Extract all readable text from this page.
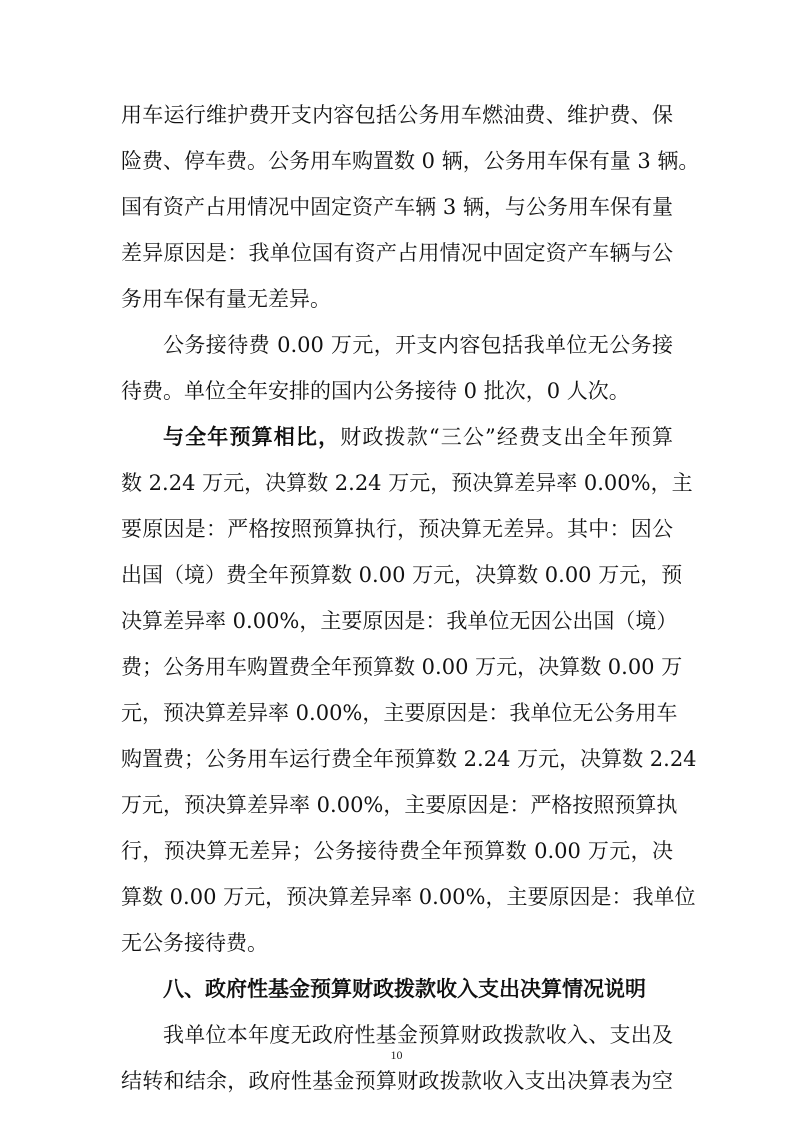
用车运行维护费开支内容包括公务用车燃油费、维护费、保
险费、停车费。公务用车购置数 0 辆，公务用车保有量 3 辆。
国有资产占用情况中固定资产车辆 3 辆，与公务用车保有量
差异原因是：我单位国有资产占用情况中固定资产车辆与公
务用车保有量无差异。
公务接待费 0.00 万元，开支内容包括我单位无公务接
待费。单位全年安排的国内公务接待 0 批次，0 人次。
与全年预算相比，财政拨款“三公”经费支出全年预算
数 2.24 万元，决算数 2.24 万元，预决算差异率 0.00%，主
要原因是：严格按照预算执行，预决算无差异。其中：因公
出国（境）费全年预算数 0.00 万元，决算数 0.00 万元，预
决算差异率 0.00%，主要原因是：我单位无因公出国（境）
费；公务用车购置费全年预算数 0.00 万元，决算数 0.00 万
元，预决算差异率 0.00%，主要原因是：我单位无公务用车
购置费；公务用车运行费全年预算数 2.24 万元，决算数 2.24
万元，预决算差异率 0.00%，主要原因是：严格按照预算执
行，预决算无差异；公务接待费全年预算数 0.00 万元，决
算数 0.00 万元，预决算差异率 0.00%，主要原因是：我单位
无公务接待费。
八、政府性基金预算财政拨款收入支出决算情况说明
我单位本年度无政府性基金预算财政拨款收入、支出及
结转和结余，政府性基金预算财政拨款收入支出决算表为空
10
